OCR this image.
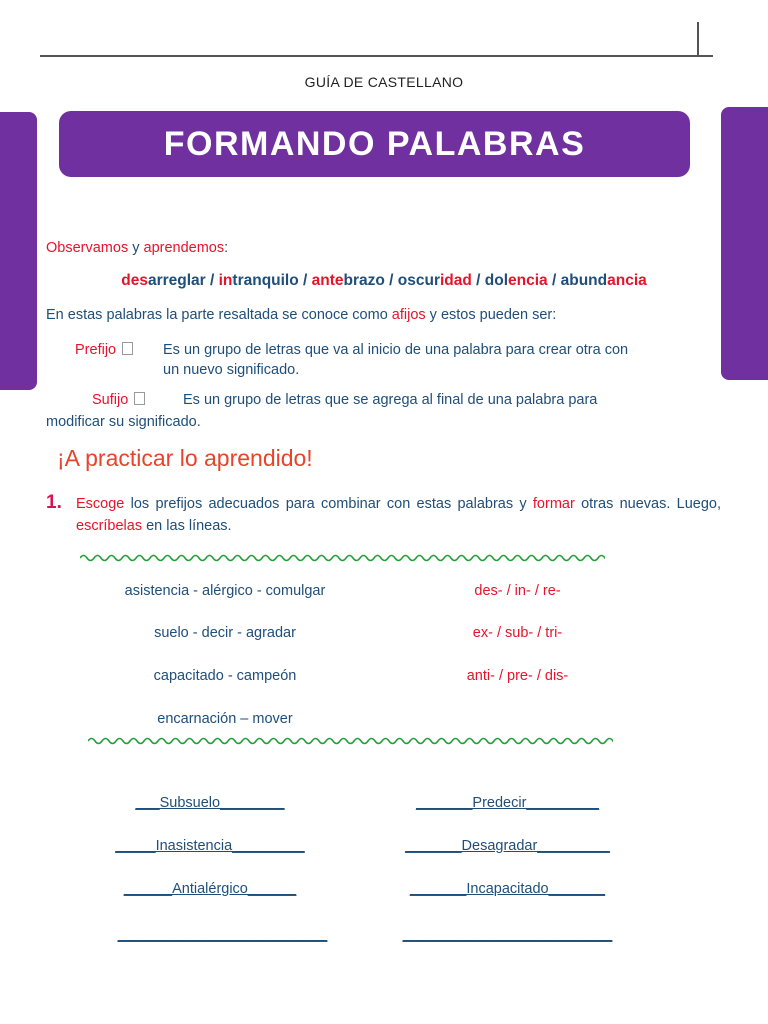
GUÍA DE CASTELLANO
FORMANDO PALABRAS
Observamos y aprendemos:
desarreglar / intranquilo / antebrazo / oscuridad / dolencia / abundancia
En estas palabras la parte resaltada se conoce como afijos y estos pueden ser:
Prefijo	Es un grupo de letras que va al inicio de una palabra para crear otra con
un nuevo significado.
Sufijo	Es un grupo de letras que se agrega al final de una palabra para
modificar su significado.
¡A practicar lo aprendido!
1. Escoge los prefijos adecuados para combinar con estas palabras y formar otras nuevas. Luego, escríbelas en las líneas.
asistencia - alérgico - comulgar
suelo - decir - agradar
capacitado - campeón
encarnación – mover
des- / in- / re-
ex- / sub- / tri-
anti- / pre- / dis-
___Subsuelo________
_____Inasistencia_________
______Antialérgico______
__________________________
_______Predecir_________
_______Desagradar_________
_______Incapacitado_______
__________________________
